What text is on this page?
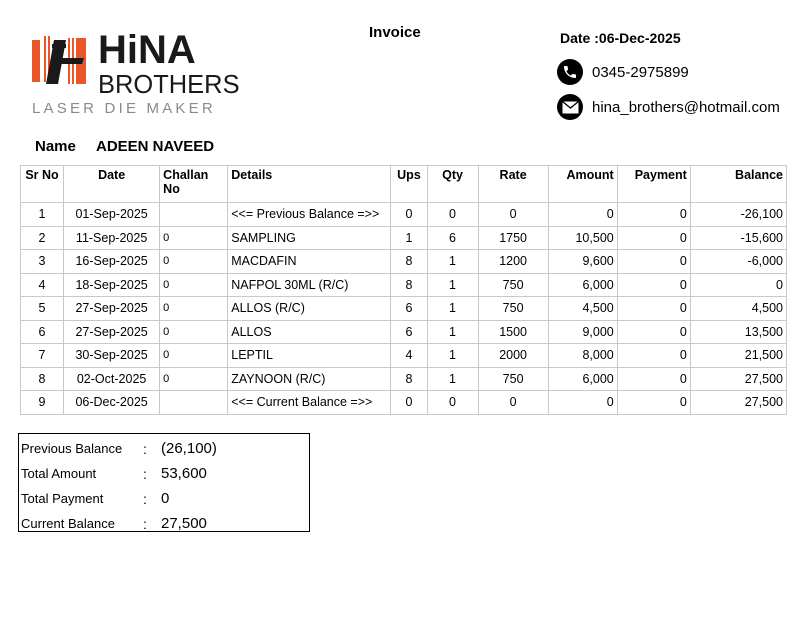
HiNA
BROTHERS
LASER DIE MAKER
Invoice	Date :06-Dec-2025
0345-2975899
hina_brothers@hotmail.com
Name	ADEEN NAVEED
Sr No	Date	Challan No	Details	Ups	Qty	Rate	Amount	Payment	Balance
1	01-Sep-2025		<<= Previous Balance =>>	0	0	0	0	0	-26,100
2	11-Sep-2025	0	SAMPLING	1	6	1750	10,500	0	-15,600
3	16-Sep-2025	0	MACDAFIN	8	1	1200	9,600	0	-6,000
4	18-Sep-2025	0	NAFPOL 30ML (R/C)	8	1	750	6,000	0	0
5	27-Sep-2025	0	ALLOS (R/C)	6	1	750	4,500	0	4,500
6	27-Sep-2025	0	ALLOS	6	1	1500	9,000	0	13,500
7	30-Sep-2025	0	LEPTIL	4	1	2000	8,000	0	21,500
8	02-Oct-2025	0	ZAYNOON (R/C)	8	1	750	6,000	0	27,500
9	06-Dec-2025		<<= Current Balance =>>	0	0	0	0	0	27,500
Previous Balance	: (26,100)
Total Amount	: 53,600
Total Payment	: 0
Current Balance	: 27,500
